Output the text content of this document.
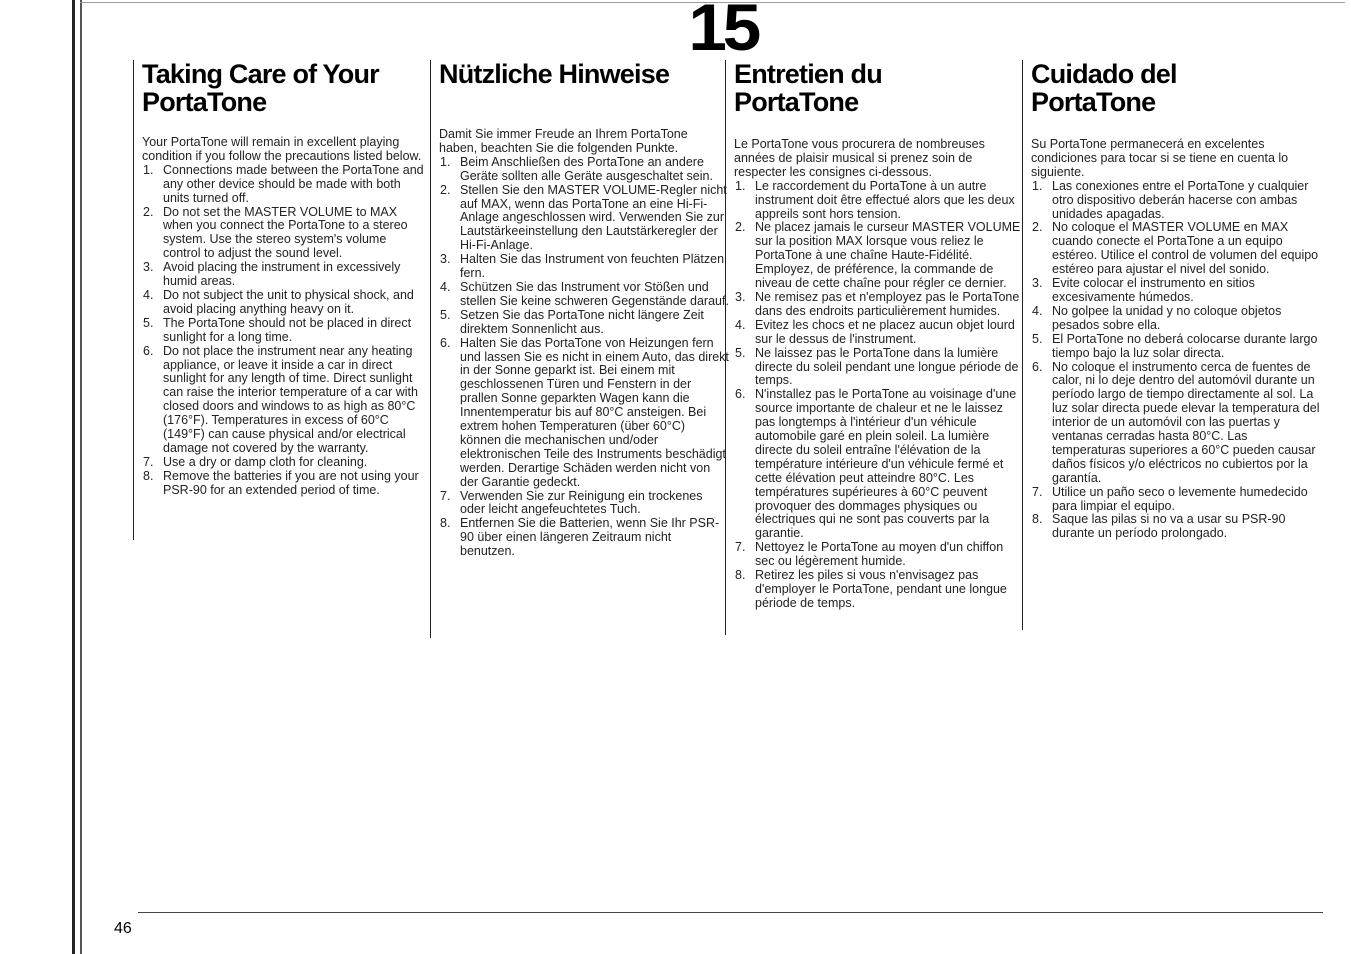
15
Taking Care of Your
PortaTone

Your PortaTone will remain in excellent playing condition if you follow the precautions listed below.

1. Connections made between the PortaTone and any other device should be made with both units turned off.
2. Do not set the MASTER VOLUME to MAX when you connect the PortaTone to a stereo system. Use the stereo system's volume control to adjust the sound level.
3. Avoid placing the instrument in excessively humid areas.
4. Do not subject the unit to physical shock, and avoid placing anything heavy on it.
5. The PortaTone should not be placed in direct sunlight for a long time.
6. Do not place the instrument near any heating appliance, or leave it inside a car in direct sunlight for any length of time. Direct sunlight can raise the interior temperature of a car with closed doors and windows to as high as 80°C (176°F). Temperatures in excess of 60°C (149°F) can cause physical and/or electrical damage not covered by the warranty.
7. Use a dry or damp cloth for cleaning.
8. Remove the batteries if you are not using your PSR-90 for an extended period of time.
Nützliche Hinweise

Damit Sie immer Freude an Ihrem PortaTone haben, beachten Sie die folgenden Punkte.

1. Beim Anschließen des PortaTone an andere Geräte sollten alle Geräte ausgeschaltet sein.
2. Stellen Sie den MASTER VOLUME-Regler nicht auf MAX, wenn das PortaTone an eine Hi-Fi-Anlage angeschlossen wird. Verwenden Sie zur Lautstärkeeinstellung den Lautstärkeregler der Hi-Fi-Anlage.
3. Halten Sie das Instrument von feuchten Plätzen fern.
4. Schützen Sie das Instrument vor Stößen und stellen Sie keine schweren Gegenstände darauf.
5. Setzen Sie das PortaTone nicht längere Zeit direktem Sonnenlicht aus.
6. Halten Sie das PortaTone von Heizungen fern und lassen Sie es nicht in einem Auto, das direkt in der Sonne geparkt ist. Bei einem mit geschlossenen Türen und Fenstern in der prallen Sonne geparkten Wagen kann die Innentemperatur bis auf 80°C ansteigen. Bei extrem hohen Temperaturen (über 60°C) können die mechanischen und/oder elektronischen Teile des Instruments beschädigt werden. Derartige Schäden werden nicht von der Garantie gedeckt.
7. Verwenden Sie zur Reinigung ein trockenes oder leicht angefeuchtetes Tuch.
8. Entfernen Sie die Batterien, wenn Sie Ihr PSR-90 über einen längeren Zeitraum nicht benutzen.
Entretien du
PortaTone

Le PortaTone vous procurera de nombreuses années de plaisir musical si prenez soin de respecter les consignes ci-dessous.

1. Le raccordement du PortaTone à un autre instrument doit être effectué alors que les deux appreils sont hors tension.
2. Ne placez jamais le curseur MASTER VOLUME sur la position MAX lorsque vous reliez le PortaTone à une chaîne Haute-Fidélité. Employez, de préférence, la commande de niveau de cette chaîne pour régler ce dernier.
3. Ne remisez pas et n'employez pas le PortaTone dans des endroits particulièrement humides.
4. Evitez les chocs et ne placez aucun objet lourd sur le dessus de l'instrument.
5. Ne laissez pas le PortaTone dans la lumière directe du soleil pendant une longue période de temps.
6. N'installez pas le PortaTone au voisinage d'une source importante de chaleur et ne le laissez pas longtemps à l'intérieur d'un véhicule automobile garé en plein soleil. La lumière directe du soleil entraîne l'élévation de la température intérieure d'un véhicule fermé et cette élévation peut atteindre 80°C. Les températures supérieures à 60°C peuvent provoquer des dommages physiques ou électriques qui ne sont pas couverts par la garantie.
7. Nettoyez le PortaTone au moyen d'un chiffon sec ou légèrement humide.
8. Retirez les piles si vous n'envisagez pas d'employer le PortaTone, pendant une longue période de temps.
Cuidado del
PortaTone

Su PortaTone permanecerá en excelentes condiciones para tocar si se tiene en cuenta lo siguiente.

1. Las conexiones entre el PortaTone y cualquier otro dispositivo deberán hacerse con ambas unidades apagadas.
2. No coloque el MASTER VOLUME en MAX cuando conecte el PortaTone a un equipo estéreo. Utilice el control de volumen del equipo estéreo para ajustar el nivel del sonido.
3. Evite colocar el instrumento en sitios excesivamente húmedos.
4. No golpee la unidad y no coloque objetos pesados sobre ella.
5. El PortaTone no deberá colocarse durante largo tiempo bajo la luz solar directa.
6. No coloque el instrumento cerca de fuentes de calor, ni lo deje dentro del automóvil durante un período largo de tiempo directamente al sol. La luz solar directa puede elevar la temperatura del interior de un automóvil con las puertas y ventanas cerradas hasta 80°C. Las temperaturas superiores a 60°C pueden causar daños físicos y/o eléctricos no cubiertos por la garantía.
7. Utilice un paño seco o levemente humedecido para limpiar el equipo.
8. Saque las pilas si no va a usar su PSR-90 durante un período prolongado.
46
